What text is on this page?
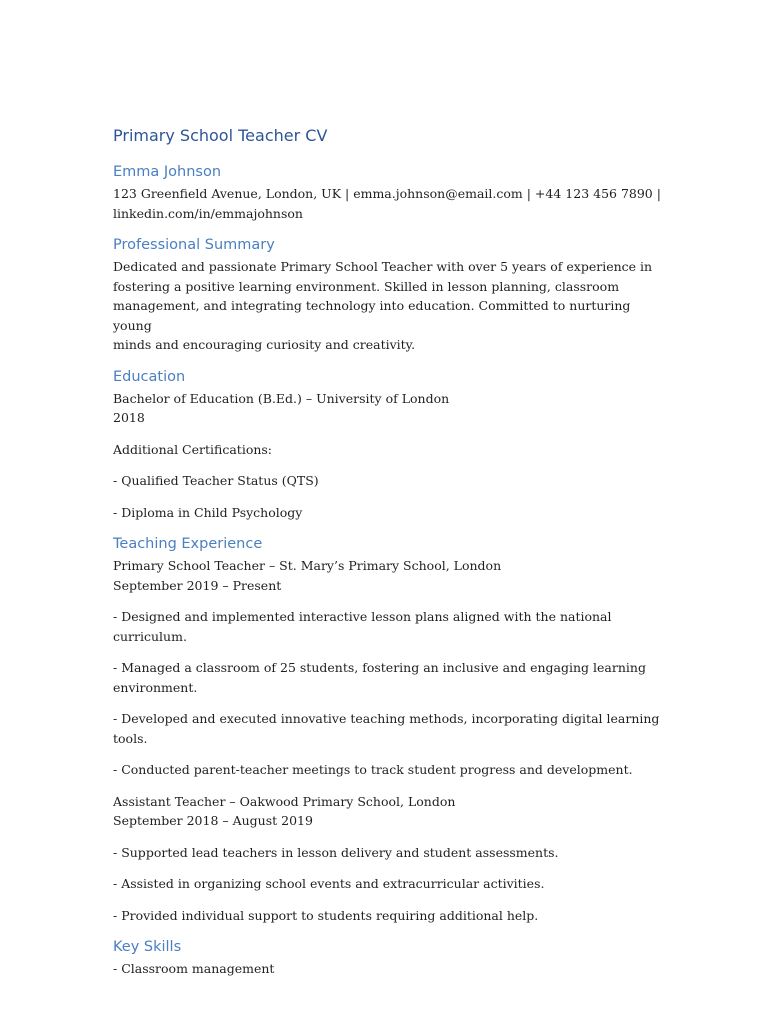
Primary School Teacher CV
Emma Johnson

123 Greenfield Avenue, London, UK | emma.johnson@email.com | +44 123 456 7890 |

linkedin.com/in/emmajohnson

Professional Summary

Dedicated and passionate Primary School Teacher with over 5 years of experience in

fostering a positive learning environment. Skilled in lesson planning, classroom

management, and integrating technology into education. Committed to nurturing young

minds and encouraging curiosity and creativity.

Education

Bachelor of Education (B.Ed.) – University of London

2018

Additional Certifications:

- Qualified Teacher Status (QTS)

- Diploma in Child Psychology

Teaching Experience

Primary School Teacher – St. Mary’s Primary School, London

September 2019 – Present

- Designed and implemented interactive lesson plans aligned with the national curriculum.

- Managed a classroom of 25 students, fostering an inclusive and engaging learning

environment.

- Developed and executed innovative teaching methods, incorporating digital learning tools.

- Conducted parent-teacher meetings to track student progress and development.

Assistant Teacher – Oakwood Primary School, London

September 2018 – August 2019

- Supported lead teachers in lesson delivery and student assessments.

- Assisted in organizing school events and extracurricular activities.

- Provided individual support to students requiring additional help.

Key Skills

- Classroom management
